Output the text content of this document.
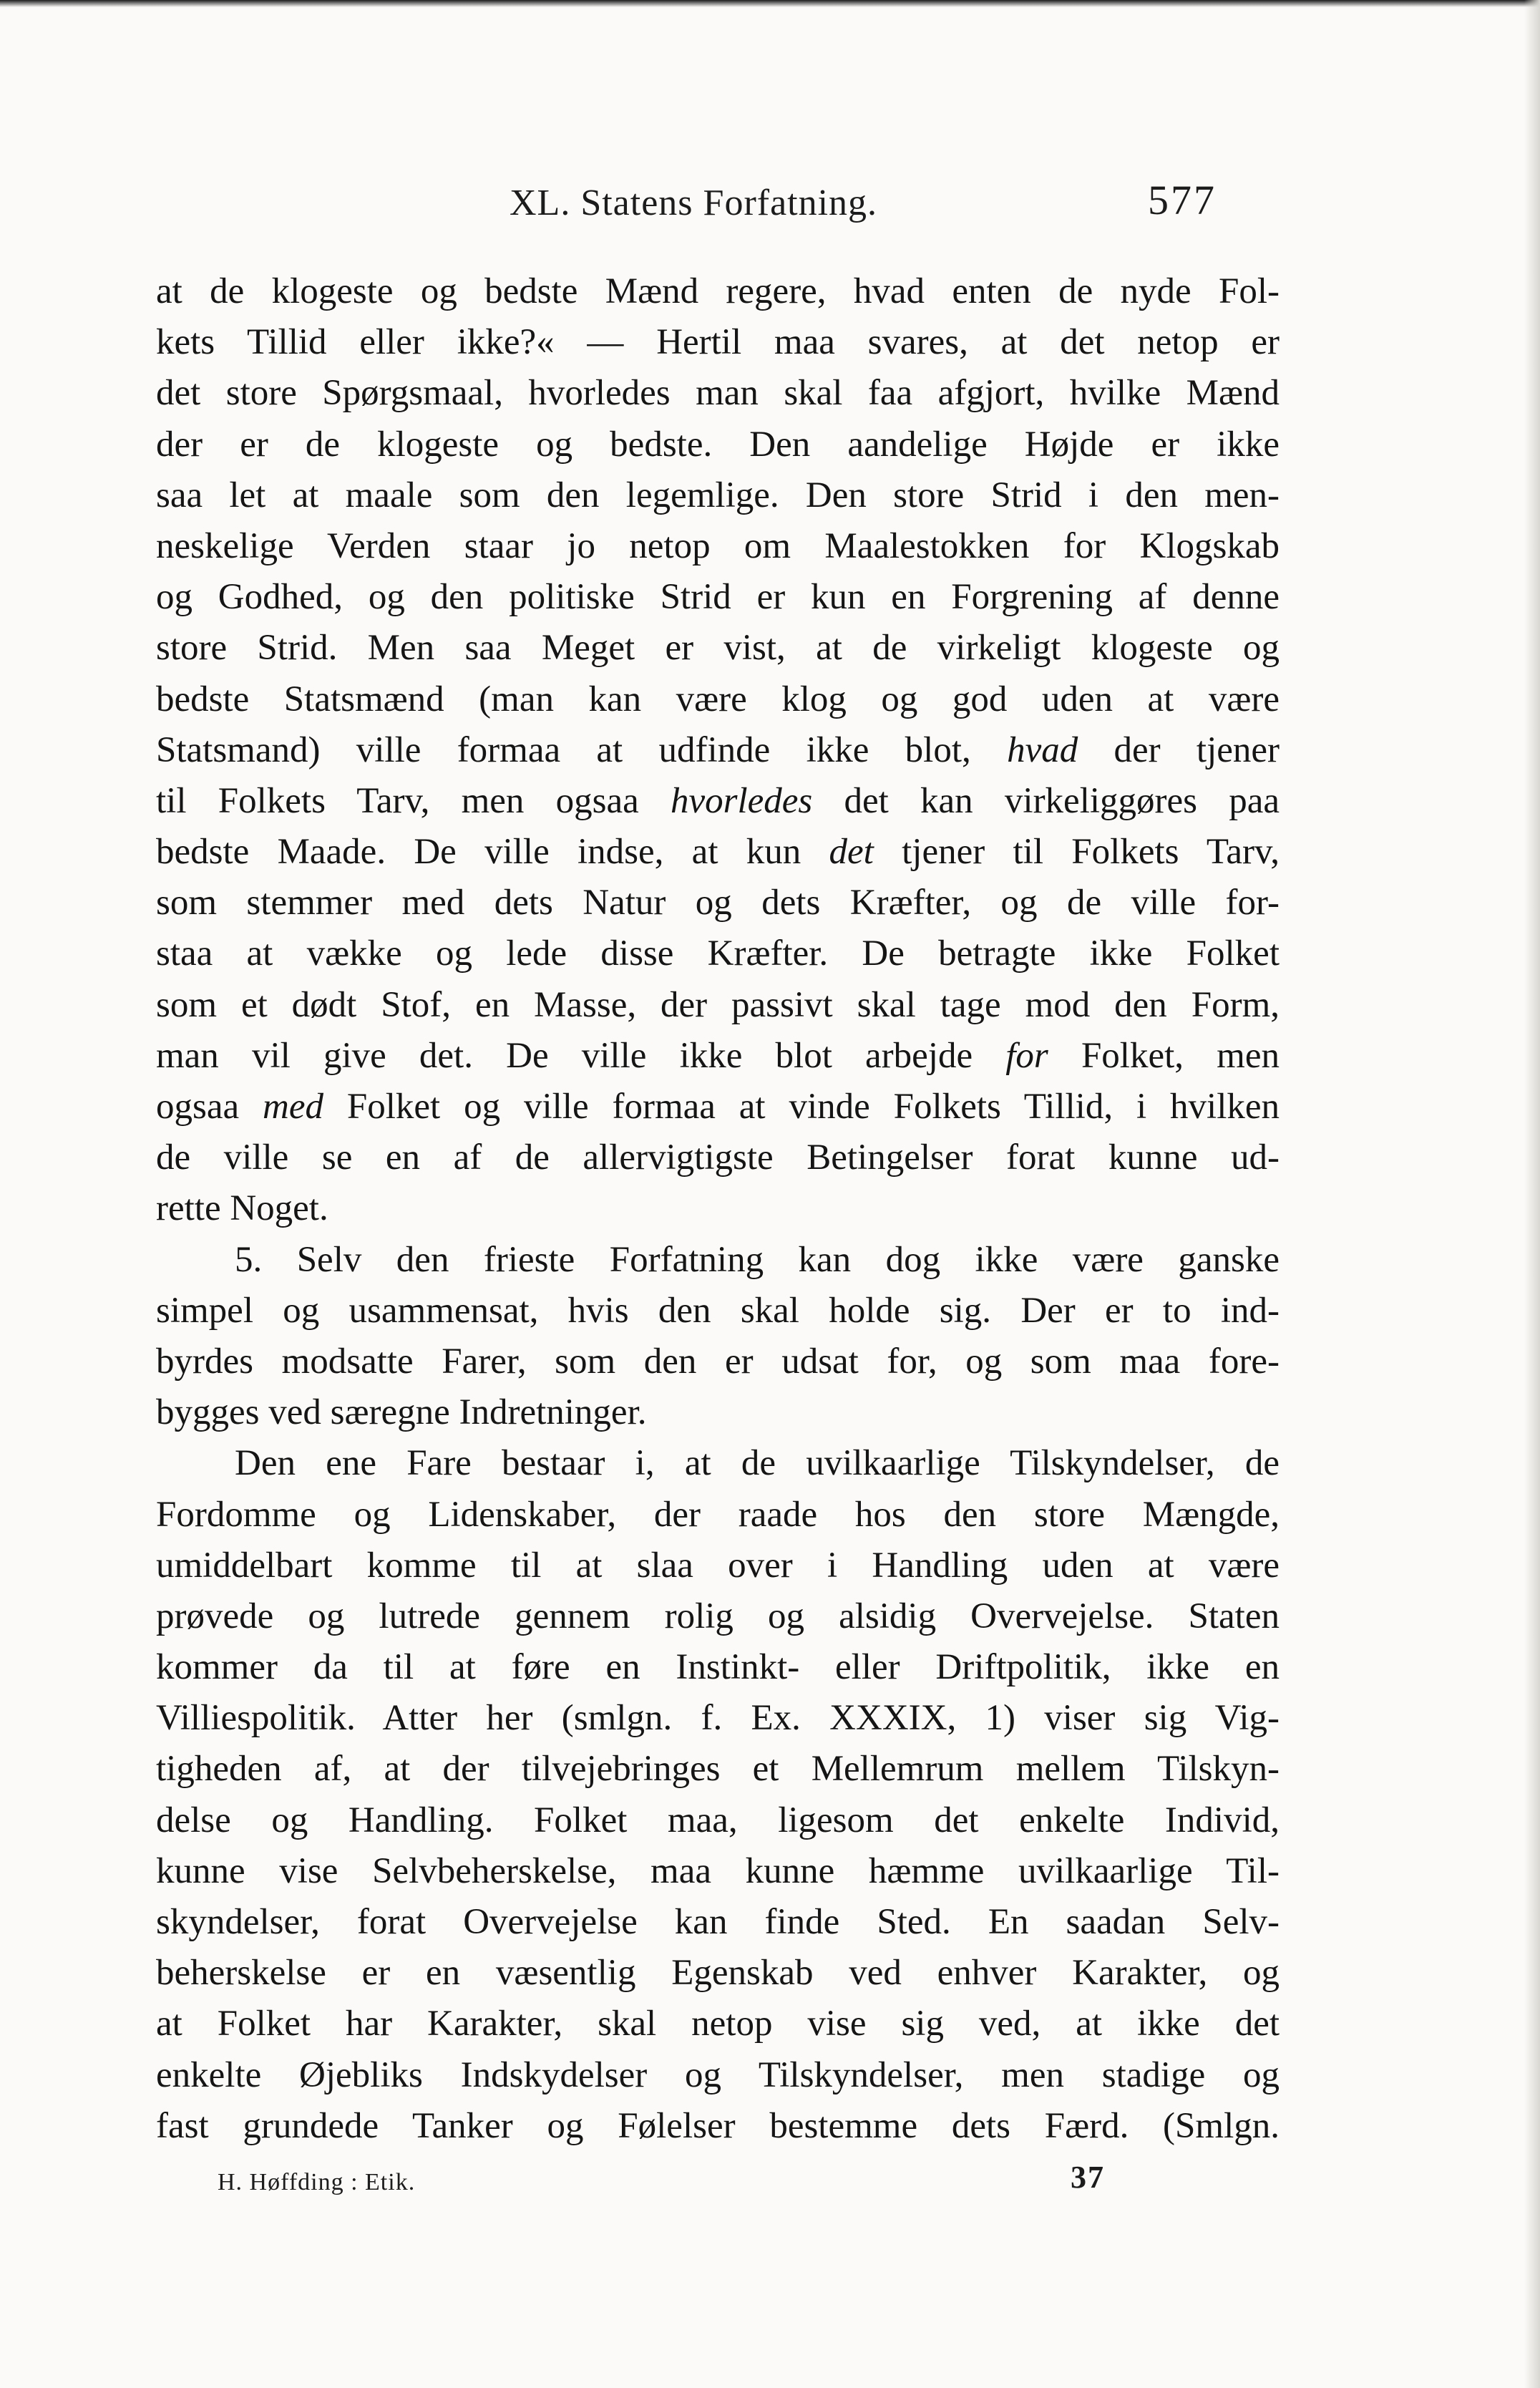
XL. Statens Forfatning.	577
at de klogeste og bedste Mænd regere, hvad enten de nyde Fol-
kets Tillid eller ikke?« — Hertil maa svares, at det netop er
det store Spørgsmaal, hvorledes man skal faa afgjort, hvilke Mænd
der er de klogeste og bedste. Den aandelige Højde er ikke
saa let at maale som den legemlige. Den store Strid i den men-
neskelige Verden staar jo netop om Maalestokken for Klogskab
og Godhed, og den politiske Strid er kun en Forgrening af denne
store Strid. Men saa Meget er vist, at de virkeligt klogeste og
bedste Statsmænd (man kan være klog og god uden at være
Statsmand) ville formaa at udfinde ikke blot, hvad der tjener
til Folkets Tarv, men ogsaa hvorledes det kan virkeliggøres paa
bedste Maade. De ville indse, at kun det tjener til Folkets Tarv,
som stemmer med dets Natur og dets Kræfter, og de ville for-
staa at vække og lede disse Kræfter. De betragte ikke Folket
som et dødt Stof, en Masse, der passivt skal tage mod den Form,
man vil give det. De ville ikke blot arbejde for Folket, men
ogsaa med Folket og ville formaa at vinde Folkets Tillid, i hvilken
de ville se en af de allervigtigste Betingelser forat kunne ud-
rette Noget.
5. Selv den frieste Forfatning kan dog ikke være ganske
simpel og usammensat, hvis den skal holde sig. Der er to ind-
byrdes modsatte Farer, som den er udsat for, og som maa fore-
bygges ved særegne Indretninger.
Den ene Fare bestaar i, at de uvilkaarlige Tilskyndelser, de
Fordomme og Lidenskaber, der raade hos den store Mængde,
umiddelbart komme til at slaa over i Handling uden at være
prøvede og lutrede gennem rolig og alsidig Overvejelse. Staten
kommer da til at føre en Instinkt- eller Driftpolitik, ikke en
Villiespolitik. Atter her (smlgn. f. Ex. XXXIX, 1) viser sig Vig-
tigheden af, at der tilvejebringes et Mellemrum mellem Tilskyn-
delse og Handling. Folket maa, ligesom det enkelte Individ,
kunne vise Selvbeherskelse, maa kunne hæmme uvilkaarlige Til-
skyndelser, forat Overvejelse kan finde Sted. En saadan Selv-
beherskelse er en væsentlig Egenskab ved enhver Karakter, og
at Folket har Karakter, skal netop vise sig ved, at ikke det
enkelte Øjebliks Indskydelser og Tilskyndelser, men stadige og
fast grundede Tanker og Følelser bestemme dets Færd. (Smlgn.
H. Høffding : Etik.	37
